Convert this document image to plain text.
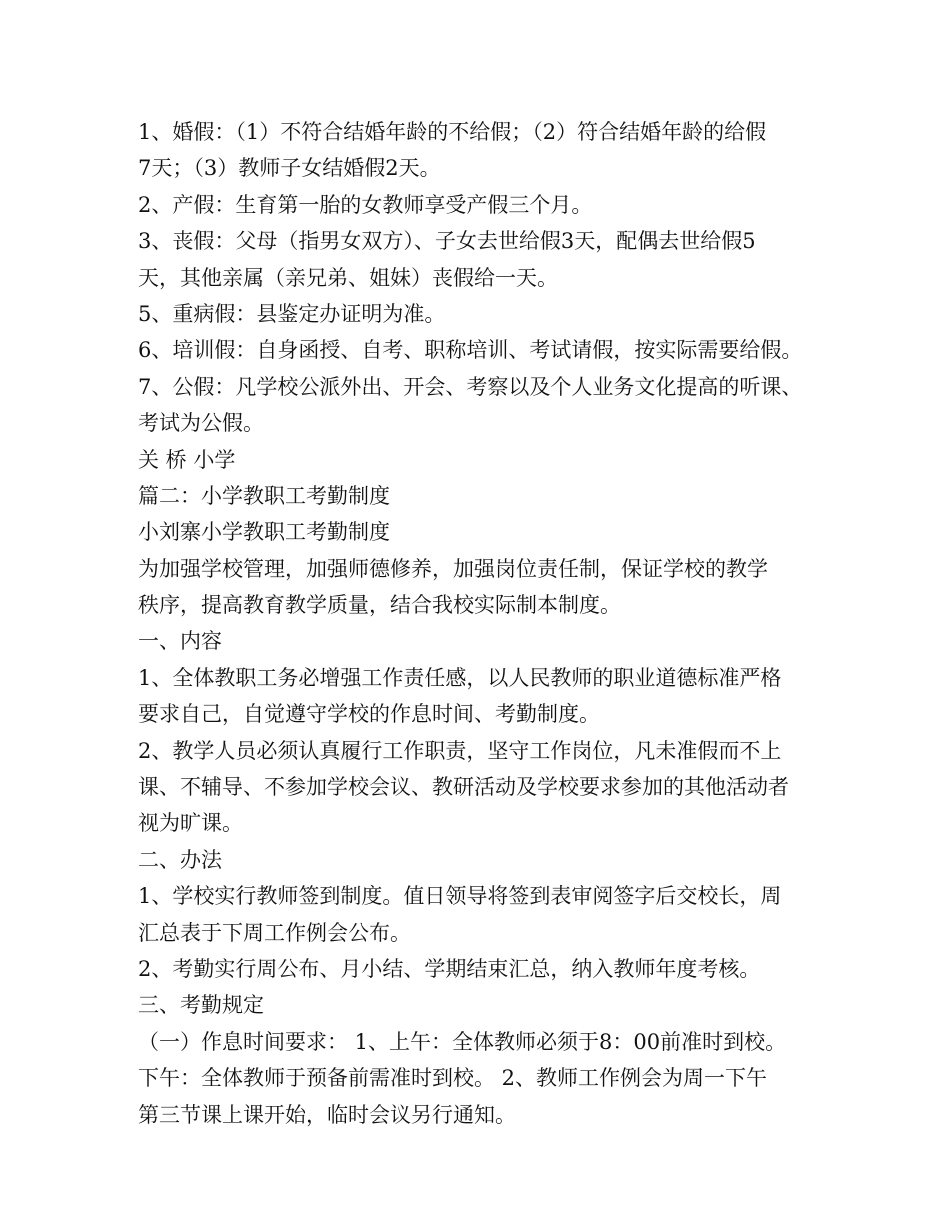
1、婚假：（1）不符合结婚年龄的不给假；（2）符合结婚年龄的给假
7天；（3）教师子女结婚假2天。
2、产假：生育第一胎的女教师享受产假三个月。
3、丧假：父母（指男女双方）、子女去世给假3天，配偶去世给假5
天，其他亲属（亲兄弟、姐妹）丧假给一天。
5、重病假：县鉴定办证明为准。
6、培训假：自身函授、自考、职称培训、考试请假，按实际需要给假。
7、公假：凡学校公派外出、开会、考察以及个人业务文化提高的听课、
考试为公假。
关 桥 小学
篇二：小学教职工考勤制度
小刘寨小学教职工考勤制度
为加强学校管理，加强师德修养，加强岗位责任制，保证学校的教学
秩序，提高教育教学质量，结合我校实际制本制度。
一、内容
1、全体教职工务必增强工作责任感，以人民教师的职业道德标准严格
要求自己，自觉遵守学校的作息时间、考勤制度。
2、教学人员必须认真履行工作职责，坚守工作岗位，凡未准假而不上
课、不辅导、不参加学校会议、教研活动及学校要求参加的其他活动者
视为旷课。
二、办法
1、学校实行教师签到制度。值日领导将签到表审阅签字后交校长，周
汇总表于下周工作例会公布。
2、考勤实行周公布、月小结、学期结束汇总，纳入教师年度考核。
三、考勤规定
（一）作息时间要求： 1、上午：全体教师必须于8：00前准时到校。
下午：全体教师于预备前需准时到校。 2、教师工作例会为周一下午
第三节课上课开始，临时会议另行通知。
